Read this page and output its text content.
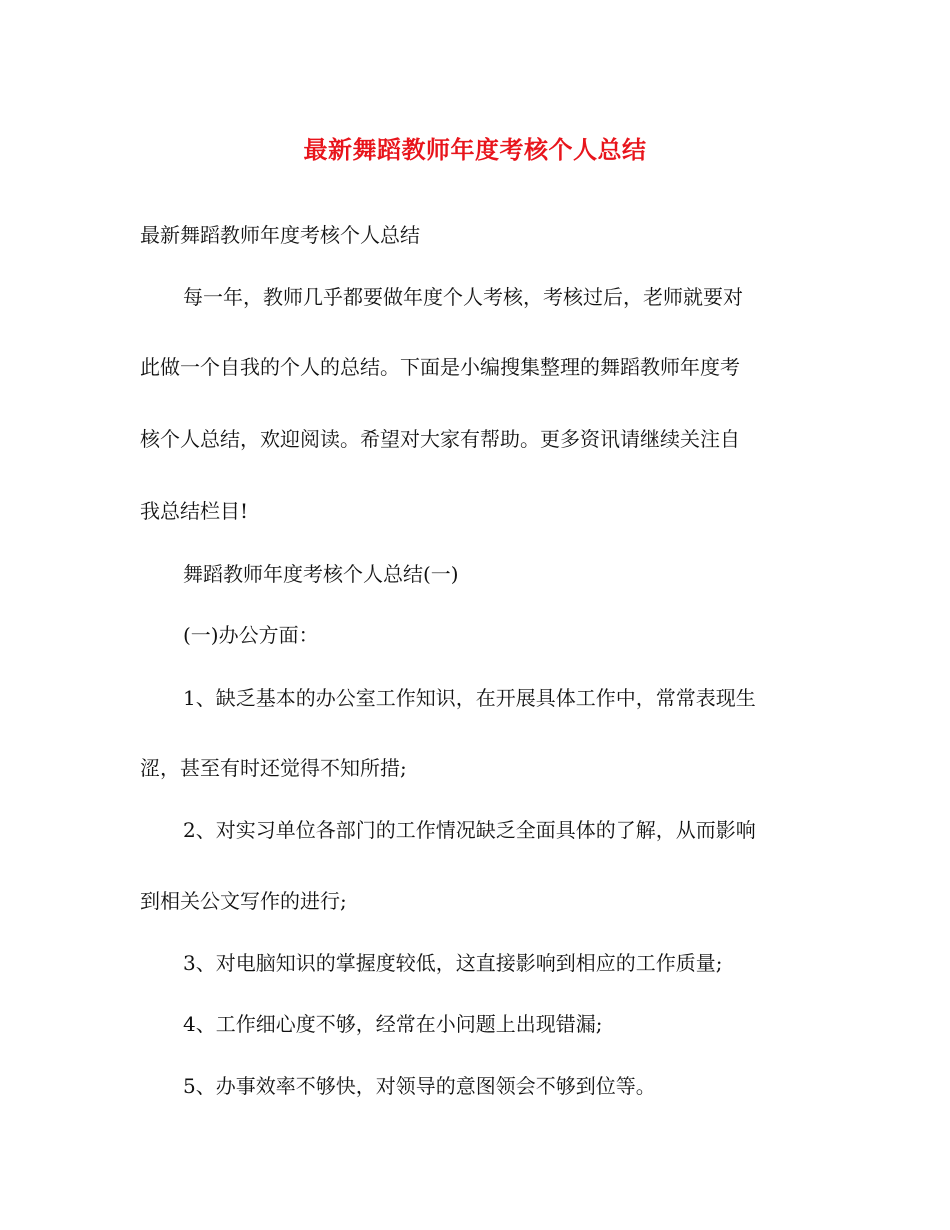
最新舞蹈教师年度考核个人总结
最新舞蹈教师年度考核个人总结
每一年，教师几乎都要做年度个人考核，考核过后，老师就要对
此做一个自我的个人的总结。下面是小编搜集整理的舞蹈教师年度考
核个人总结，欢迎阅读。希望对大家有帮助。更多资讯请继续关注自
我总结栏目!
舞蹈教师年度考核个人总结(一)
(一)办公方面：
1、缺乏基本的办公室工作知识，在开展具体工作中，常常表现生
涩，甚至有时还觉得不知所措;
2、对实习单位各部门的工作情况缺乏全面具体的了解，从而影响
到相关公文写作的进行;
3、对电脑知识的掌握度较低，这直接影响到相应的工作质量;
4、工作细心度不够，经常在小问题上出现错漏;
5、办事效率不够快，对领导的意图领会不够到位等。
